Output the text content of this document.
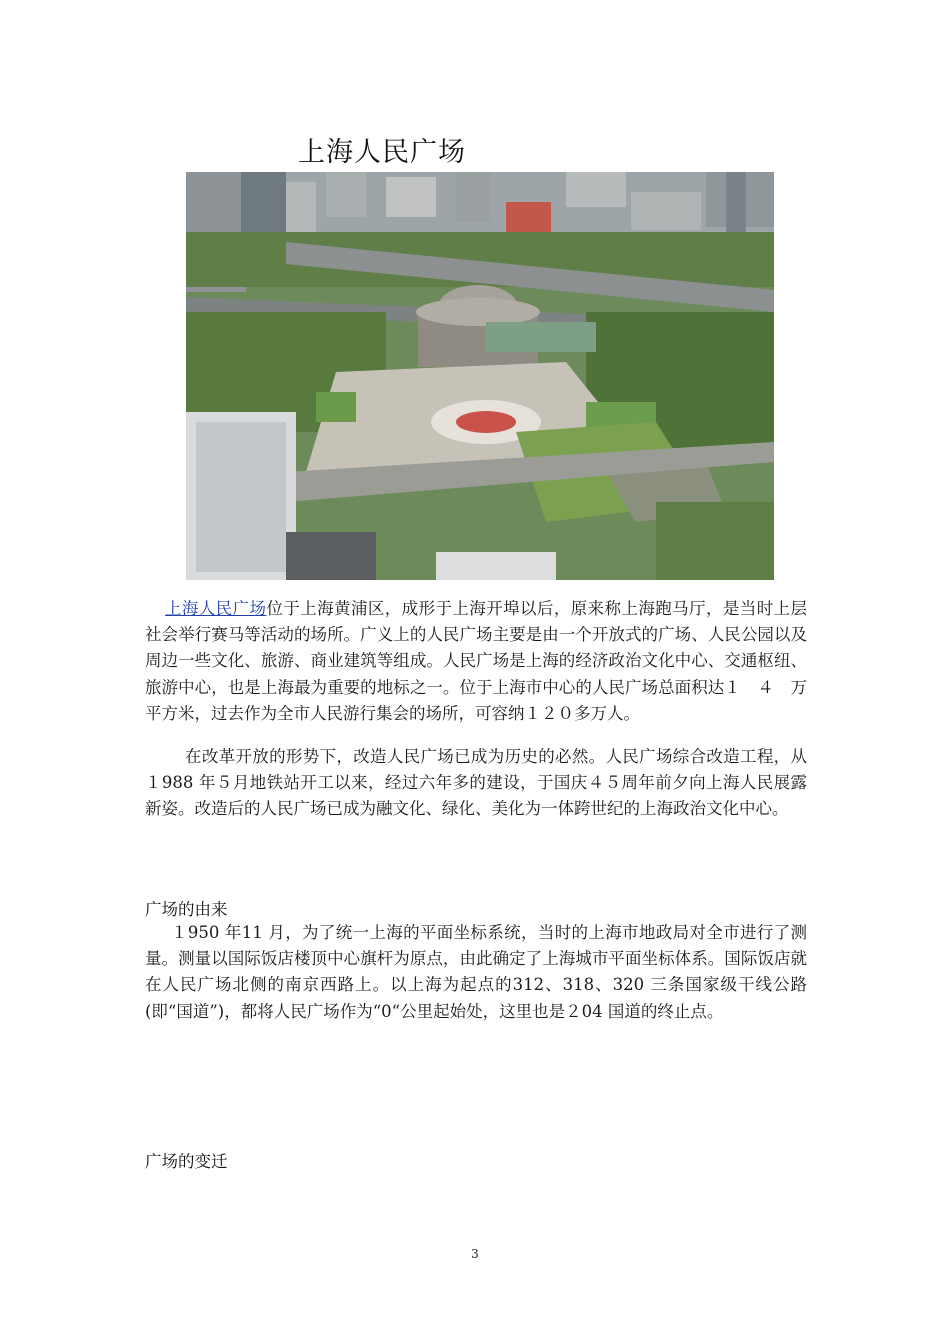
上海人民广场

上海人民广场位于上海黄浦区，成形于上海开埠以后，原来称上海跑马厅，是当时上层社会举行赛马等活动的场所。广义上的人民广场主要是由一个开放式的广场、人民公园以及周边一些文化、旅游、商业建筑等组成。人民广场是上海的经济政治文化中心、交通枢纽、旅游中心，也是上海最为重要的地标之一。位于上海市中心的人民广场总面积达１　４　万平方米，过去作为全市人民游行集会的场所，可容纳１２０多万人。

在改革开放的形势下，改造人民广场已成为历史的必然。人民广场综合改造工程，从１988 年５月地铁站开工以来，经过六年多的建设，于国庆４５周年前夕向上海人民展露新姿。改造后的人民广场已成为融文化、绿化、美化为一体跨世纪的上海政治文化中心。

广场的由来

１950 年11 月，为了统一上海的平面坐标系统，当时的上海市地政局对全市进行了测量。测量以国际饭店楼顶中心旗杆为原点，由此确定了上海城市平面坐标体系。国际饭店就在人民广场北侧的南京西路上。以上海为起点的312、318、320 三条国家级干线公路(即“国道”)，都将人民广场作为“0“公里起始处，这里也是２04 国道的终止点。

广场的变迁
3
